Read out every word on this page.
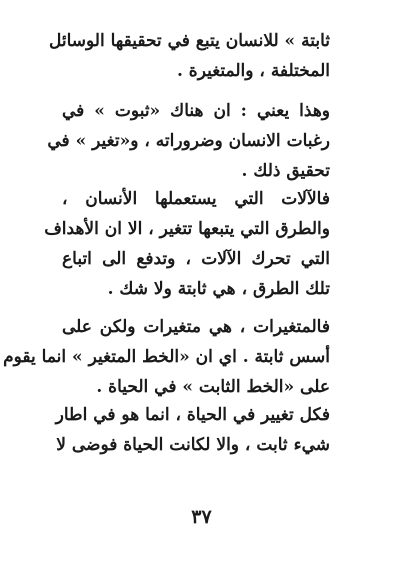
ثابتة » للانسان يتبع في تحقيقها الوسائل
المختلفة ، والمتغيرة .
وهذا يعني : ان هناك «ثبوت » في
رغبات الانسان وضروراته ، و«تغير » في
تحقيق ذلك .
فالآلات التي يستعملها الأنسان ،
والطرق التي يتبعها تتغير ، الا ان الأهداف
التي تحرك الآلات ، وتدفع الى اتباع
تلك الطرق ، هي ثابتة ولا شك .
فالمتغيرات ، هي متغيرات ولكن على
أسس ثابتة . اي ان «الخط المتغير » انما يقوم
على «الخط الثابت » في الحياة .
فكل تغيير في الحياة ، انما هو في اطار
شيء ثابت ، والا لكانت الحياة فوضى لا
٣٧
